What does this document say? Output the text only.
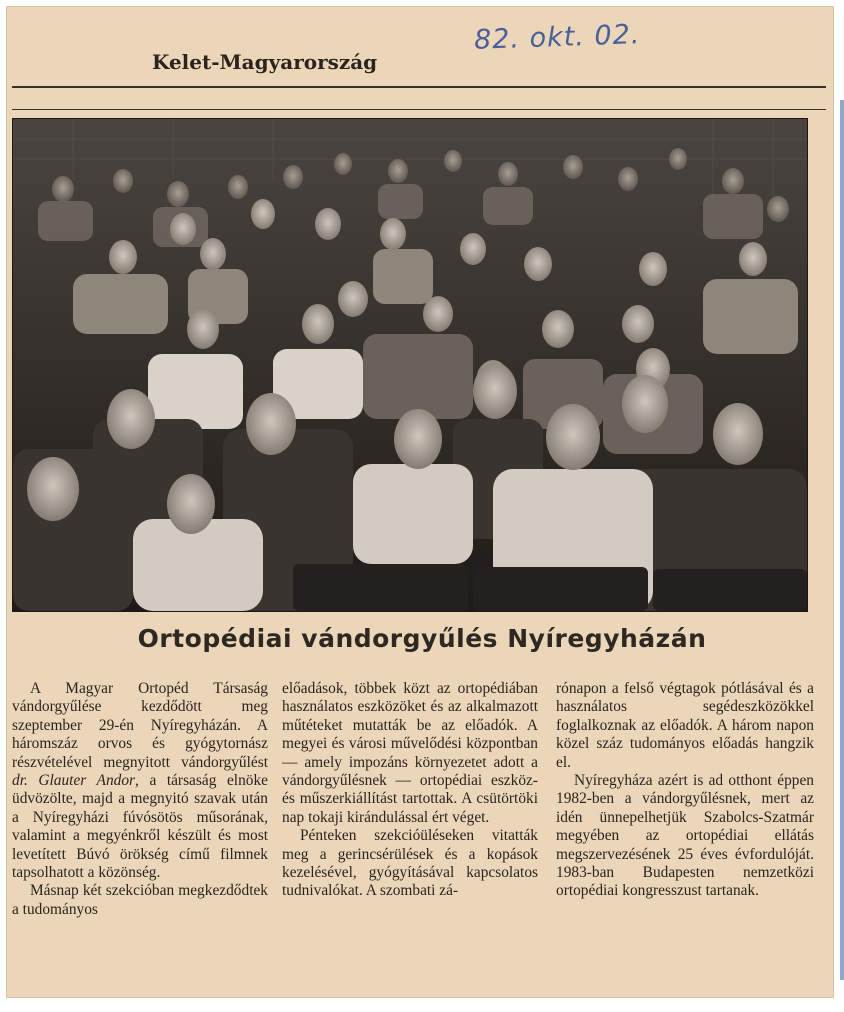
82. okt. 02.
Kelet-Magyarország
Ortopédiai vándorgyűlés Nyíregyházán

A Magyar Ortopéd Társaság vándorgyűlése kezdődött meg szeptember 29-én Nyíregyházán. A háromszáz orvos és gyógytornász részvételével megnyitott vándorgyűlést dr. Glauter Andor, a társaság elnöke üdvözölte, majd a megnyitó szavak után a Nyíregyházi fúvósötös műsorának, valamint a megyénkről készült és most levetített Búvó örökség című filmnek tapsolhatott a közönség.

Másnap két szekcióban megkezdődtek a tudományos

előadások, többek közt az ortopédiában használatos eszközöket és az alkalmazott műtéteket mutatták be az előadók. A megyei és városi művelődési központban — amely impozáns környezetet adott a vándorgyűlésnek — ortopédiai eszköz- és műszerkiállítást tartottak. A csütörtöki nap tokaji kirándulással ért véget.

Pénteken szekcióüléseken vitatták meg a gerincsérülések és a kopások kezelésével, gyógyításával kapcsolatos tudnivalókat. A szombati zá-

rónapon a felső végtagok pótlásával és a használatos segédeszközökkel foglalkoznak az előadók. A három napon közel száz tudományos előadás hangzik el.

Nyíregyháza azért is ad otthont éppen 1982-ben a vándorgyűlésnek, mert az idén ünnepelhetjük Szabolcs-Szatmár megyében az ortopédiai ellátás megszervezésének 25 éves évfordulóját. 1983-ban Budapesten nemzetközi ortopédiai kongresszust tartanak.
